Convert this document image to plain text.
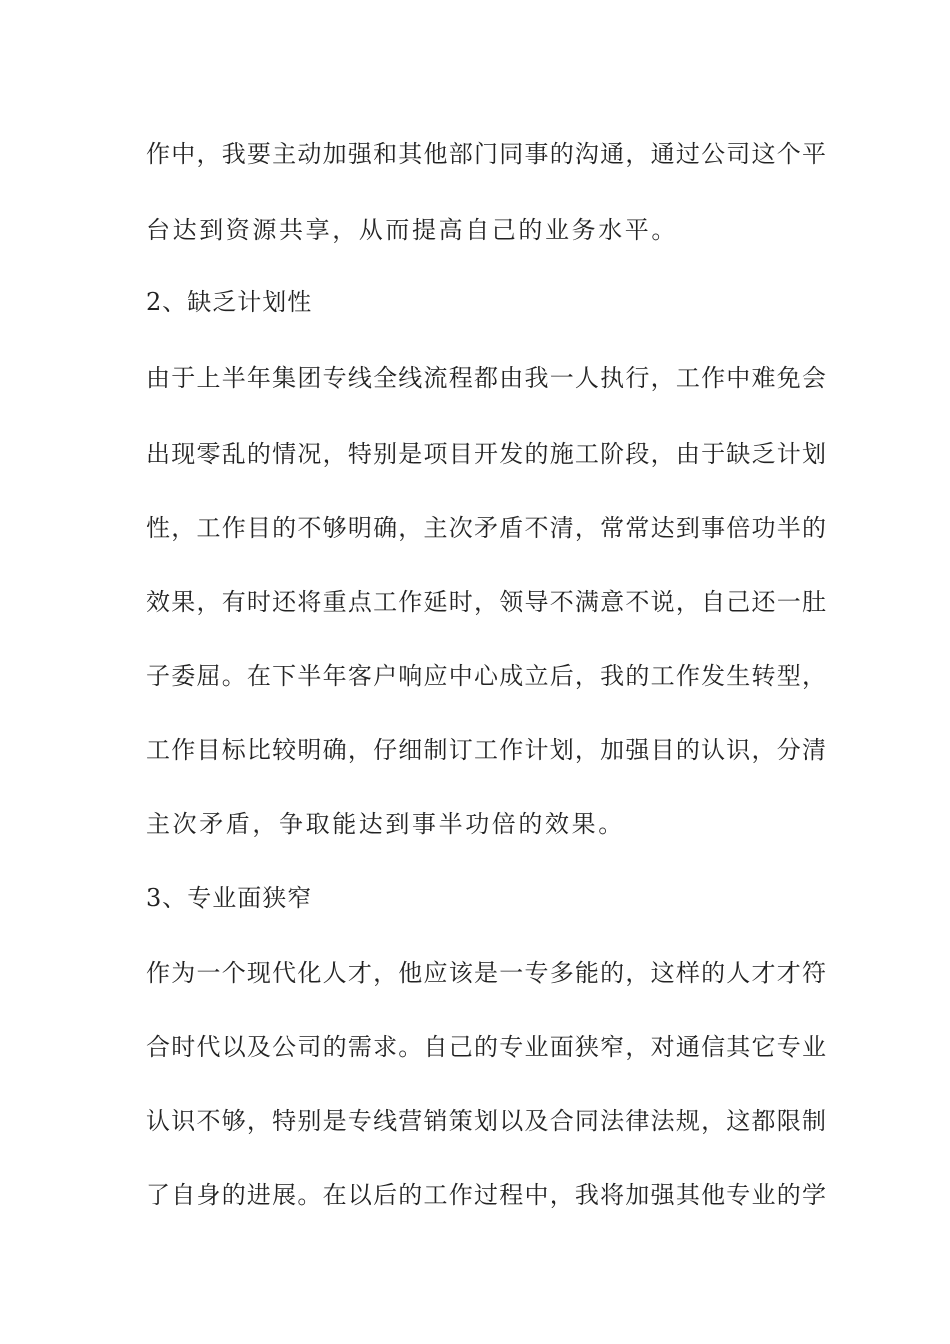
作中，我要主动加强和其他部门同事的沟通，通过公司这个平
台达到资源共享，从而提高自己的业务水平。
2、缺乏计划性
由于上半年集团专线全线流程都由我一人执行，工作中难免会
出现零乱的情况，特别是项目开发的施工阶段，由于缺乏计划
性，工作目的不够明确，主次矛盾不清，常常达到事倍功半的
效果，有时还将重点工作延时，领导不满意不说，自己还一肚
子委屈。在下半年客户响应中心成立后，我的工作发生转型，
工作目标比较明确，仔细制订工作计划，加强目的认识，分清
主次矛盾，争取能达到事半功倍的效果。
3、专业面狭窄
作为一个现代化人才，他应该是一专多能的，这样的人才才符
合时代以及公司的需求。自己的专业面狭窄，对通信其它专业
认识不够，特别是专线营销策划以及合同法律法规，这都限制
了自身的进展。在以后的工作过程中，我将加强其他专业的学
